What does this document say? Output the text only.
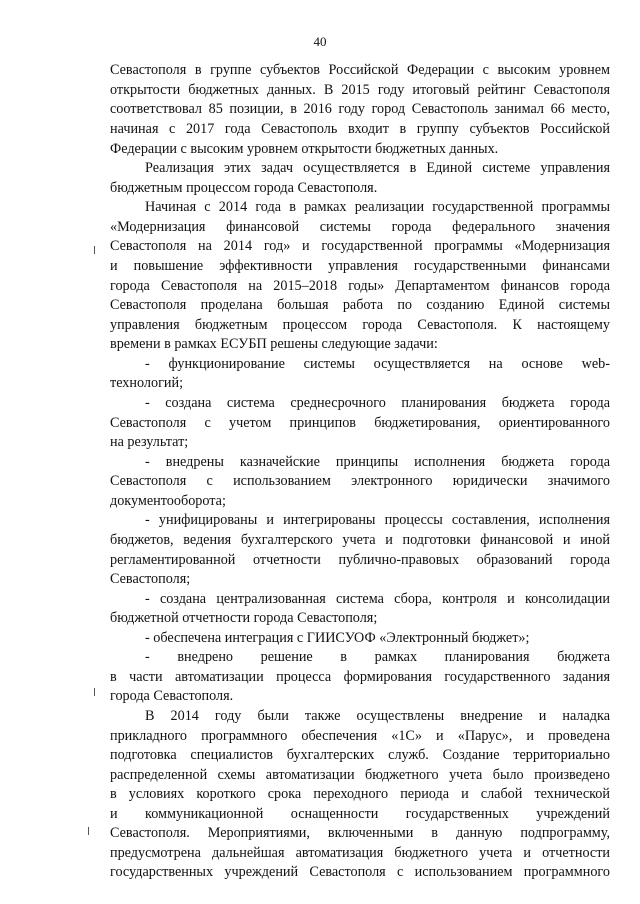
40
Севастополя в группе субъектов Российской Федерации с высоким уровнем
открытости бюджетных данных. В 2015 году итоговый рейтинг Севастополя
соответствовал 85 позиции, в 2016 году город Севастополь занимал 66 место,
начиная с 2017 года Севастополь входит в группу субъектов Российской
Федерации с высоким уровнем открытости бюджетных данных.
Реализация этих задач осуществляется в Единой системе управления
бюджетным процессом города Севастополя.
Начиная с 2014 года в рамках реализации государственной программы
«Модернизация финансовой системы города федерального значения
Севастополя на 2014 год» и государственной программы «Модернизация
и повышение эффективности управления государственными финансами
города Севастополя на 2015–2018 годы» Департаментом финансов города
Севастополя проделана большая работа по созданию Единой системы
управления бюджетным процессом города Севастополя. К настоящему
времени в рамках ЕСУБП решены следующие задачи:
- функционирование системы осуществляется на основе web-
технологий;
- создана система среднесрочного планирования бюджета города
Севастополя с учетом принципов бюджетирования, ориентированного
на результат;
- внедрены казначейские принципы исполнения бюджета города
Севастополя с использованием электронного юридически значимого
документооборота;
- унифицированы и интегрированы процессы составления, исполнения
бюджетов, ведения бухгалтерского учета и подготовки финансовой и иной
регламентированной отчетности публично-правовых образований города
Севастополя;
- создана централизованная система сбора, контроля и консолидации
бюджетной отчетности города Севастополя;
- обеспечена интеграция с ГИИСУОФ «Электронный бюджет»;
- внедрено решение в рамках планирования бюджета
в части автоматизации процесса формирования государственного задания
города Севастополя.
В 2014 году были также осуществлены внедрение и наладка
прикладного программного обеспечения «1С» и «Парус», и проведена
подготовка специалистов бухгалтерских служб. Создание территориально
распределенной схемы автоматизации бюджетного учета было произведено
в условиях короткого срока переходного периода и слабой технической
и коммуникационной оснащенности государственных учреждений
Севастополя. Мероприятиями, включенными в данную подпрограмму,
предусмотрена дальнейшая автоматизация бюджетного учета и отчетности
государственных учреждений Севастополя с использованием программного
